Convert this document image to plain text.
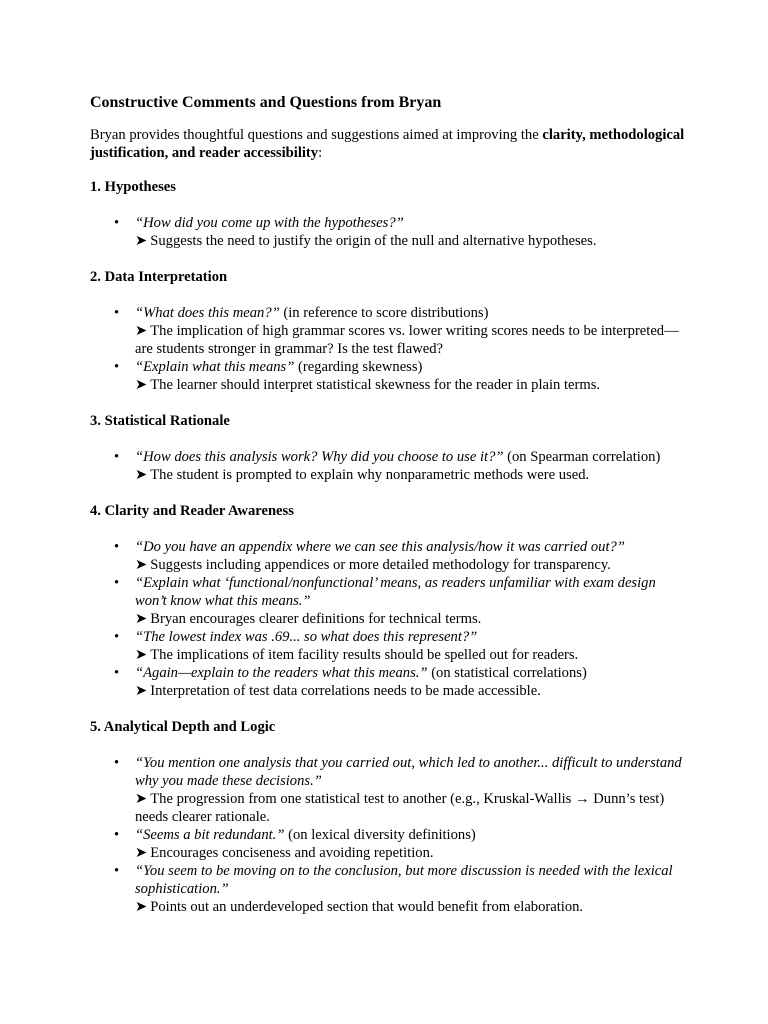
Constructive Comments and Questions from Bryan

Bryan provides thoughtful questions and suggestions aimed at improving the clarity, methodological justification, and reader accessibility:

1. Hypotheses
• “How did you come up with the hypotheses?”
➤ Suggests the need to justify the origin of the null and alternative hypotheses.
2. Data Interpretation
• “What does this mean?” (in reference to score distributions)
➤ The implication of high grammar scores vs. lower writing scores needs to be interpreted—are students stronger in grammar? Is the test flawed?
• “Explain what this means” (regarding skewness)
➤ The learner should interpret statistical skewness for the reader in plain terms.
3. Statistical Rationale
• “How does this analysis work? Why did you choose to use it?” (on Spearman correlation)
➤ The student is prompted to explain why nonparametric methods were used.
4. Clarity and Reader Awareness
• “Do you have an appendix where we can see this analysis/how it was carried out?”
➤ Suggests including appendices or more detailed methodology for transparency.
• “Explain what ‘functional/nonfunctional’ means, as readers unfamiliar with exam design won’t know what this means.”
➤ Bryan encourages clearer definitions for technical terms.
• “The lowest index was .69... so what does this represent?”
➤ The implications of item facility results should be spelled out for readers.
• “Again—explain to the readers what this means.” (on statistical correlations)
➤ Interpretation of test data correlations needs to be made accessible.
5. Analytical Depth and Logic
• “You mention one analysis that you carried out, which led to another... difficult to understand why you made these decisions.”
➤ The progression from one statistical test to another (e.g., Kruskal-Wallis → Dunn’s test) needs clearer rationale.
• “Seems a bit redundant.” (on lexical diversity definitions)
➤ Encourages conciseness and avoiding repetition.
• “You seem to be moving on to the conclusion, but more discussion is needed with the lexical sophistication.”
➤ Points out an underdeveloped section that would benefit from elaboration.
